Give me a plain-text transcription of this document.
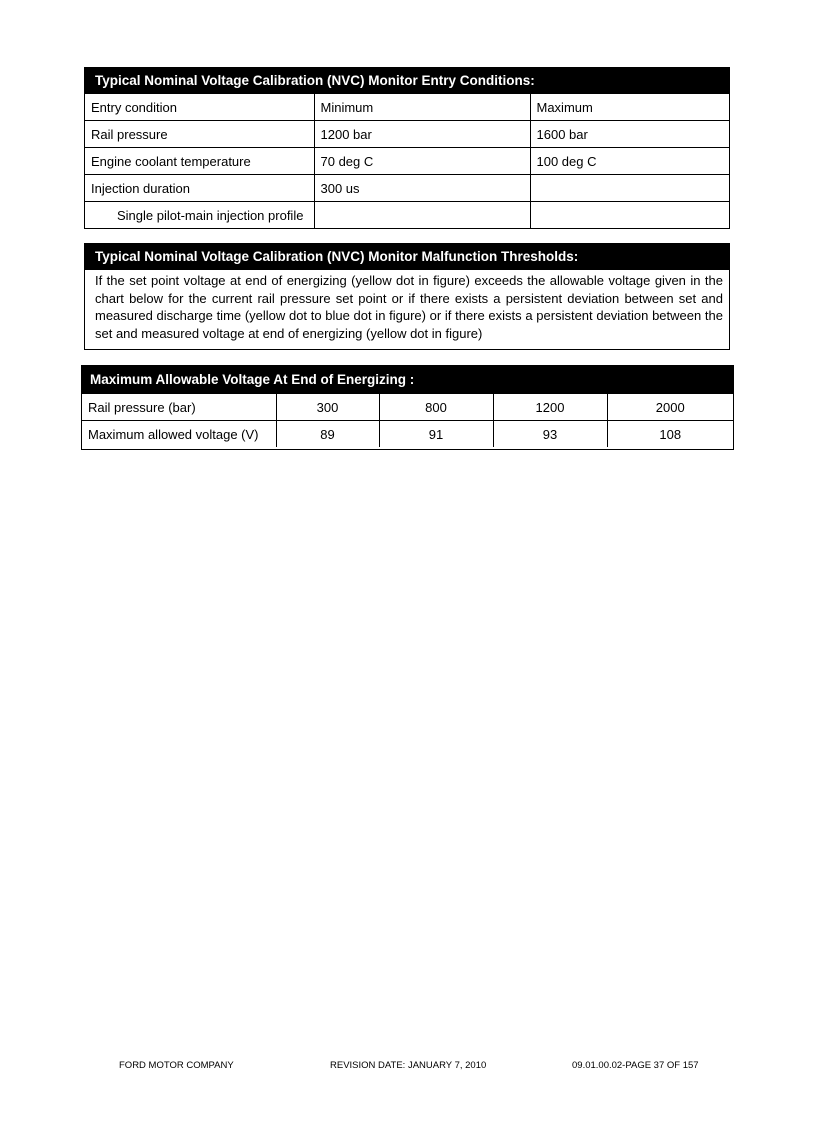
Typical Nominal Voltage Calibration (NVC) Monitor Entry Conditions:
Entry condition	Minimum	Maximum
Rail pressure	1200 bar	1600 bar
Engine coolant temperature	70 deg C	100 deg C
Injection duration	300 us	
Single pilot-main injection profile		
Typical Nominal Voltage Calibration (NVC) Monitor Malfunction Thresholds:
If the set point voltage at end of energizing (yellow dot in figure) exceeds the allowable voltage given in the chart below for the current rail pressure set point or if there exists a persistent deviation between set and measured discharge time (yellow dot to blue dot in figure) or if there exists a persistent deviation between the set and measured voltage at end of energizing (yellow dot in figure)
Maximum Allowable Voltage At End of Energizing :
Rail pressure (bar)	300	800	1200	2000
Maximum allowed voltage (V)	89	91	93	108
FORD MOTOR COMPANY	REVISION DATE: JANUARY 7, 2010	09.01.00.02-PAGE 37 OF 157
